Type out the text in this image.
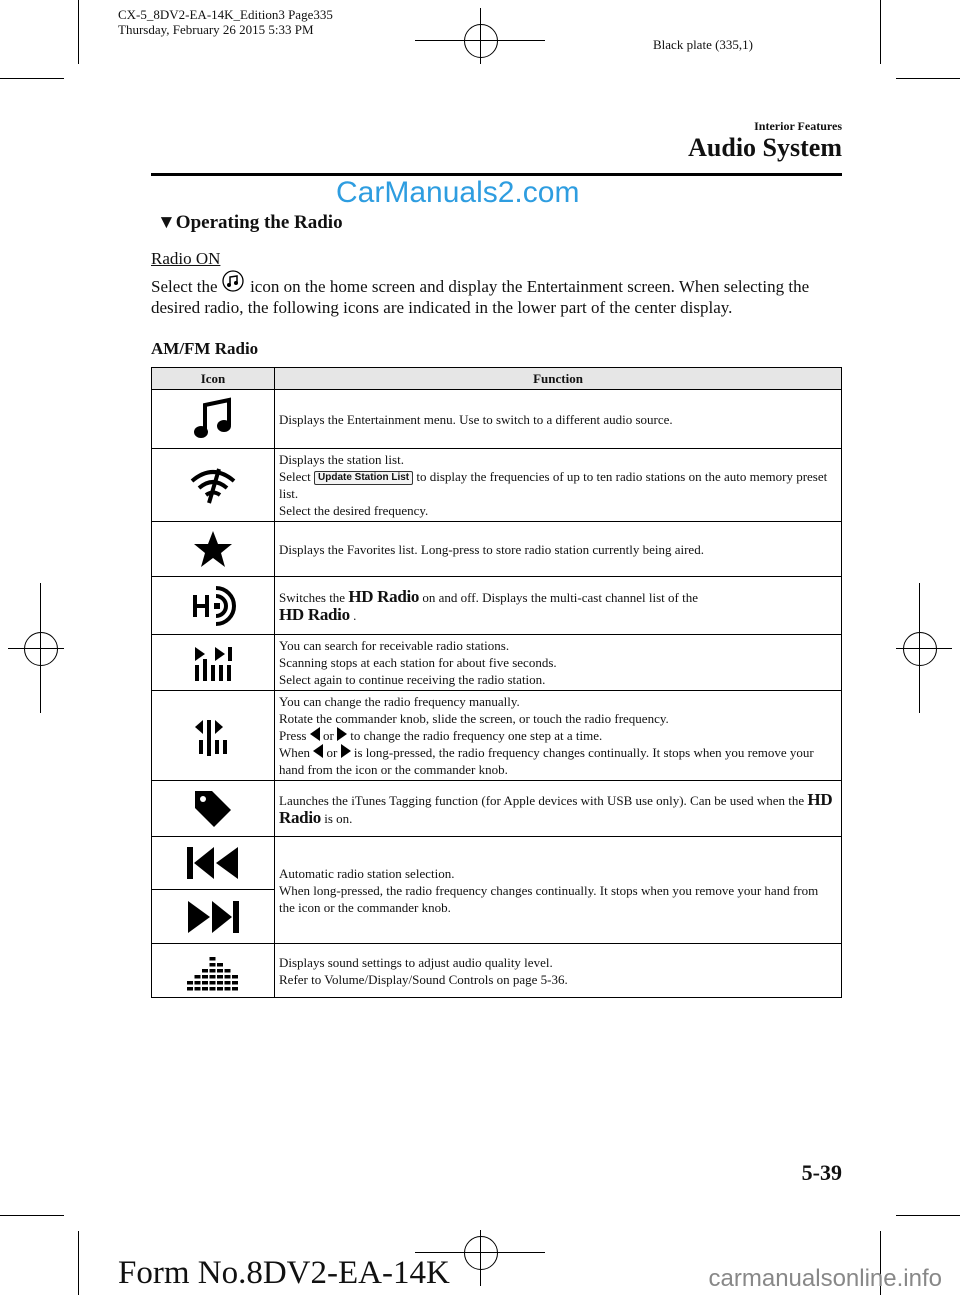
CX-5_8DV2-EA-14K_Edition3 Page335
Thursday, February 26 2015 5:33 PM
Black plate (335,1)
Interior Features
Audio System
CarManuals2.com
▼Operating the Radio
Radio ON
Select the icon on the home screen and display the Entertainment screen. When selecting the desired radio, the following icons are indicated in the lower part of the center display.
AM/FM Radio
Icon	Function

	Displays the Entertainment menu. Use to switch to a different audio source.

Displays the station list.
Select Update Station List to display the frequencies of up to ten radio stations on the auto memory preset list.
Select the desired frequency.

	Displays the Favorites list. Long-press to store radio station currently being aired.

	Switches the HD Radio on and off. Displays the multi-cast channel list of the
HD Radio .

You can search for receivable radio stations.
Scanning stops at each station for about five seconds.
Select again to continue receiving the radio station.

You can change the radio frequency manually.
Rotate the commander knob, slide the screen, or touch the radio frequency.
Press or to change the radio frequency one step at a time.
When or is long-pressed, the radio frequency changes continually. It stops when you remove your hand from the icon or the commander knob.

	Launches the iTunes Tagging function (for Apple devices with USB use only). Can be used when the HD Radio is on.

Automatic radio station selection.
When long-pressed, the radio frequency changes continually. It stops when you remove your hand from the icon or the commander knob.

Displays sound settings to adjust audio quality level.
Refer to Volume/Display/Sound Controls on page 5-36.
5-39
Form No.8DV2-EA-14K	carmanualsonline.info
